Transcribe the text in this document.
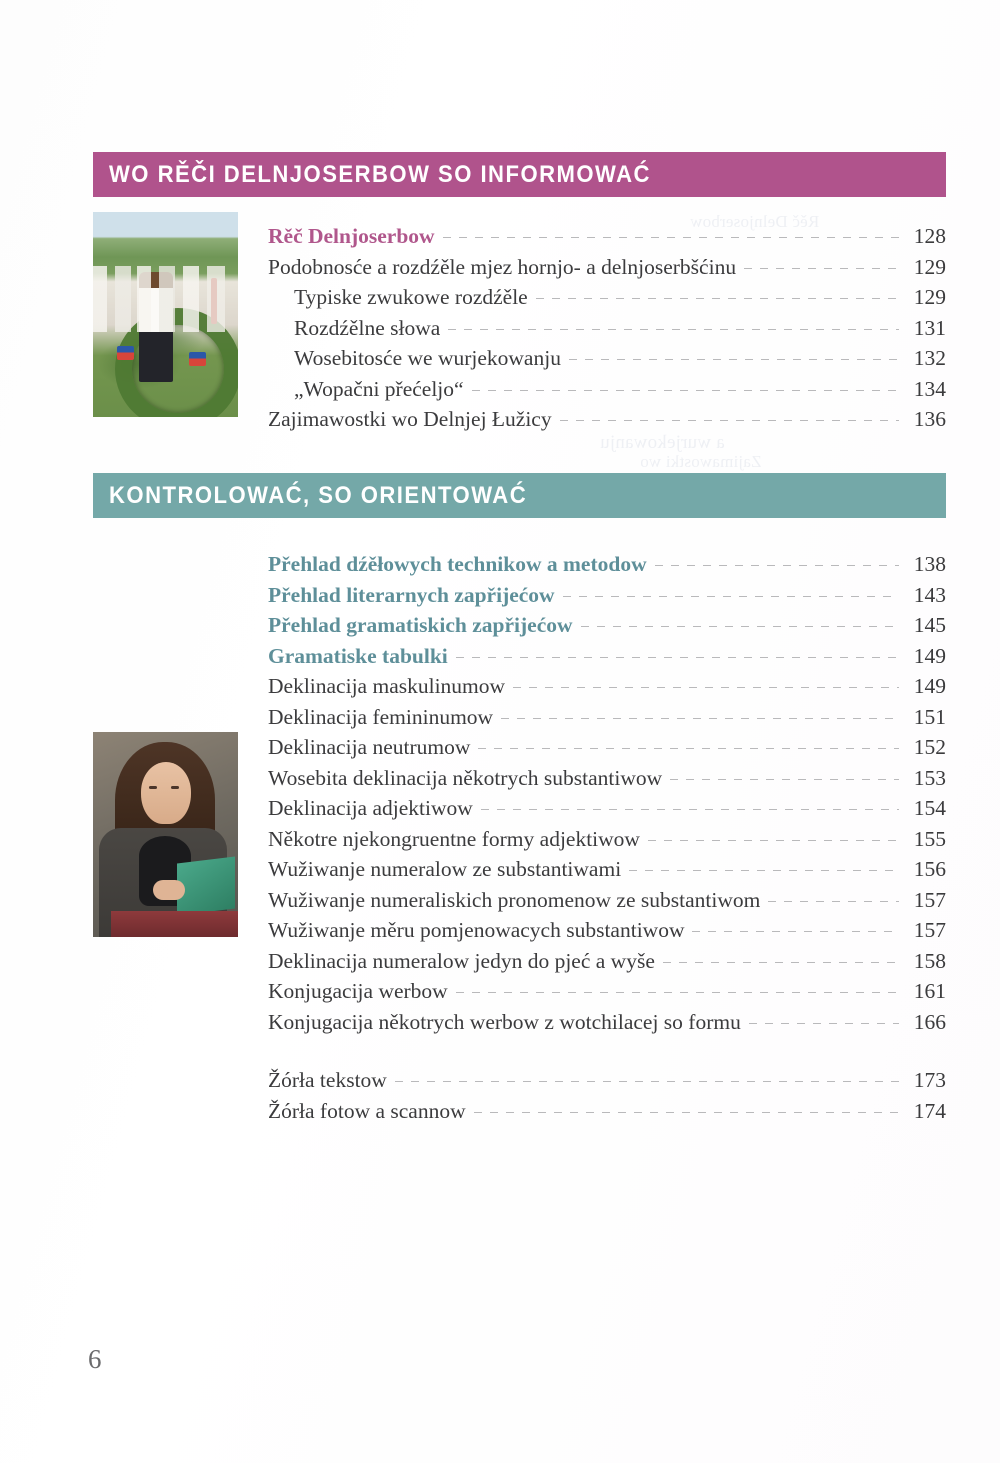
a wurjekowanju
Zajimawostki wo
Rěč Delnjoserbow
WO RĚČI DELNJOSERBOW SO INFORMOWAĆ
Rěč Delnjoserbow	128
Podobnosće a rozdźěle mjez hornjo- a delnjoserbšćinu	129
Typiske zwukowe rozdźěle	129
Rozdźělne słowa	131
Wosebitosće we wurjekowanju	132
„Wopačni přećeljo“	134
Zajimawostki wo Delnjej Łužicy	136
KONTROLOWAĆ, SO ORIENTOWAĆ
Přehlad dźěłowych technikow a metodow	138
Přehlad literarnych zapřijećow	143
Přehlad gramatiskich zapřijećow	145
Gramatiske tabulki	149
Deklinacija maskulinumow	149
Deklinacija femininumow	151
Deklinacija neutrumow	152
Wosebita deklinacija někotrych substantiwow	153
Deklinacija adjektiwow	154
Někotre njekongruentne formy adjektiwow	155
Wužiwanje numeralow ze substantiwami	156
Wužiwanje numeraliskich pronomenow ze substantiwom	157
Wužiwanje měru pomjenowacych substantiwow	157
Deklinacija numeralow jedyn do pjeć a wyše	158
Konjugacija werbow	161
Konjugacija někotrych werbow z wotchilacej so formu	166
Žórła tekstow	173
Žórła fotow a scannow	174
6
